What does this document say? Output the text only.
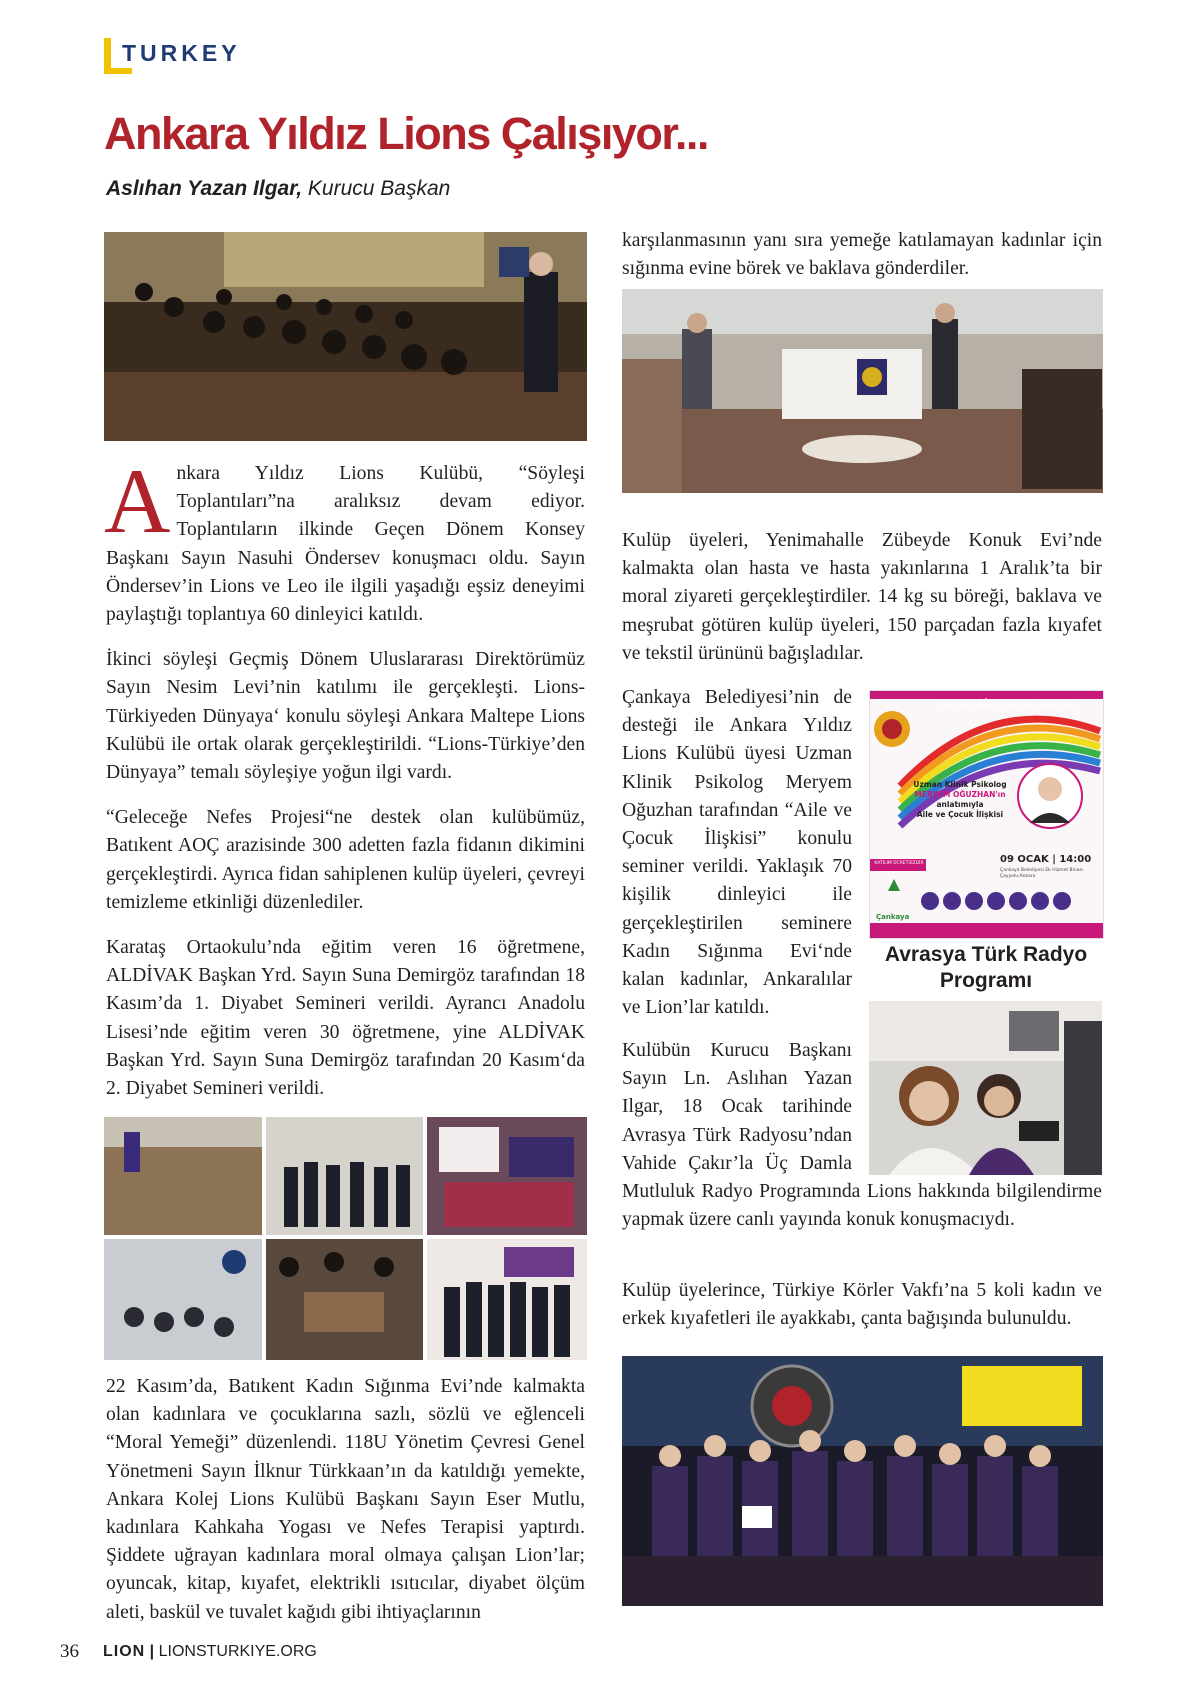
TURKEY
Ankara Yıldız Lions Çalışıyor...
Aslıhan Yazan Ilgar, Kurucu Başkan

Ankara Yıldız Lions Kulübü, “Söyleşi Toplantıları”na aralıksız devam ediyor. Toplantıların ilkinde Geçen Dönem Konsey Başkanı Sayın Nasuhi Öndersev konuşmacı oldu. Sayın Öndersev’in Lions ve Leo ile ilgili yaşadığı eşsiz deneyimi paylaştığı toplantıya 60 dinleyici katıldı.

İkinci söyleşi Geçmiş Dönem Uluslararası Direktörümüz Sayın Nesim Levi’nin katılımı ile gerçekleşti. Lions-Türkiyeden Dünyaya‘ konulu söyleşi Ankara Maltepe Lions Kulübü ile ortak olarak gerçekleştirildi. “Lions-Türkiye’den Dünyaya” temalı söyleşiye yoğun ilgi vardı.

“Geleceğe Nefes Projesi“ne destek olan kulübümüz, Batıkent AOÇ arazisinde 300 adetten fazla fidanın dikimini gerçekleştirdi. Ayrıca fidan sahiplenen kulüp üyeleri, çevreyi temizleme etkinliği düzenlediler.

Karataş Ortaokulu’nda eğitim veren 16 öğretmene, ALDİVAK Başkan Yrd. Sayın Suna Demirgöz tarafından 18 Kasım’da 1. Diyabet Semineri verildi. Ayrancı Anadolu Lisesi’nde eğitim veren 30 öğretmene, yine ALDİVAK Başkan Yrd. Sayın Suna Demirgöz tarafından 20 Kasım‘da 2. Diyabet Semineri verildi.

22 Kasım’da, Batıkent Kadın Sığınma Evi’nde kalmakta olan kadınlara ve çocuklarına sazlı, sözlü ve eğlenceli “Moral Yemeği” düzenlendi. 118U Yönetim Çevresi Genel Yönetmeni Sayın İlknur Türkkaan’ın da katıldığı yemekte, Ankara Kolej Lions Kulübü Başkanı Sayın Eser Mutlu, kadınlara Kahkaha Yogası ve Nefes Terapisi yaptırdı. Şiddete uğrayan kadınlara moral olmaya çalışan Lion’lar; oyuncak, kitap, kıyafet, elektrikli ısıtıcılar, diyabet ölçüm aleti, baskül ve tuvalet kağıdı gibi ihtiyaçlarının

karşılanmasının yanı sıra yemeğe katılamayan kadınlar için sığınma evine börek ve baklava gönderdiler.

Kulüp üyeleri, Yenimahalle Zübeyde Konuk Evi’nde kalmakta olan hasta ve hasta yakınlarına 1 Aralık’ta bir moral ziyareti gerçekleştirdiler. 14 kg su böreği, baklava ve meşrubat götüren kulüp üyeleri, 150 parçadan fazla kıyafet ve tekstil ürününü bağışladılar.

Çankaya Belediyesi’nin de desteği ile Ankara Yıldız Lions Kulübü üyesi Uzman Klinik Psikolog Meryem Oğuzhan tarafından “Aile ve Çocuk İlişkisi” konulu seminer verildi. Yaklaşık 70 kişilik dinleyici ile gerçekleştirilen seminere Kadın Sığınma Evi‘nde kalan kadınlar, Ankaralılar ve Lion’lar katıldı.

“MUTLU AİLE MUTLU ÇOCUK”
Uzman Klinik Psikolog
MERYEM OĞUZHAN'ın
anlatımıyla
Aile ve Çocuk İlişkisi
KATILIM ÜCRETSİZDİR	09 OCAK | 14:00
Çankaya Belediyesi Ek Hizmet Binası Çayyolu-Ankara
Çankaya
Avrasya Türk Radyo Programı

Kulübün Kurucu Başkanı Sayın Ln. Aslıhan Yazan Ilgar, 18 Ocak tarihinde Avrasya Türk Radyosu’ndan Vahide Çakır’la Üç Damla Mutluluk Radyo Programında Lions hakkında bilgilendirme yapmak üzere canlı yayında konuk konuşmacıydı.

Kulüp üyelerince, Türkiye Körler Vakfı’na 5 koli kadın ve erkek kıyafetleri ile ayakkabı, çanta bağışında bulunuldu.

36 LION | LIONSTURKIYE.ORG
